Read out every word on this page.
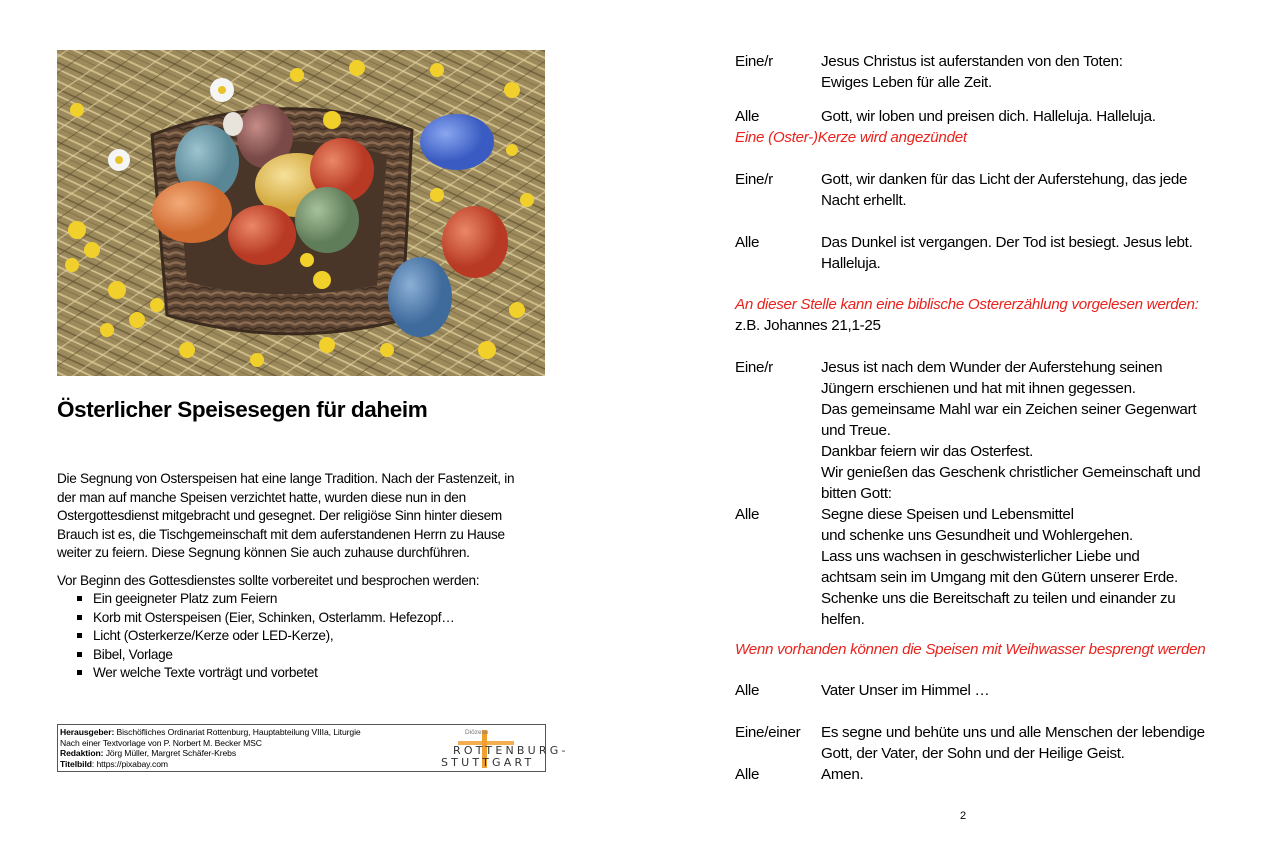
Österlicher Speisesegen für daheim

Die Segnung von Osterspeisen hat eine lange Tradition. Nach der Fastenzeit, in
der man auf manche Speisen verzichtet hatte, wurden diese nun in den
Ostergottesdienst mitgebracht und gesegnet. Der religiöse Sinn hinter diesem
Brauch ist es, die Tischgemeinschaft mit dem auferstandenen Herrn zu Hause
weiter zu feiern. Diese Segnung können Sie auch zuhause durchführen.

Vor Beginn des Gottesdienstes sollte vorbereitet und besprochen werden:

Ein geeigneter Platz zum Feiern
Korb mit Osterspeisen (Eier, Schinken, Osterlamm. Hefezopf…
Licht (Osterkerze/Kerze oder LED-Kerze),
Bibel, Vorlage
Wer welche Texte vorträgt und vorbetet
Herausgeber: Bischöfliches Ordinariat Rottenburg, Hauptabteilung VIIIa, Liturgie
Nach einer Textvorlage von P. Norbert M. Becker MSC
Redaktion: Jörg Müller, Margret Schäfer-Krebs
Titelbild: https://pixabay.com
Diözese
ROTTENBURG-
STUTTGART
Eine/r	Jesus Christus ist auferstanden von den Toten:
Ewiges Leben für alle Zeit.
Alle	Gott, wir loben und preisen dich. Halleluja. Halleluja.
Eine (Oster-)Kerze wird angezündet
Eine/r	Gott, wir danken für das Licht der Auferstehung, das jede
Nacht erhellt.
Alle	Das Dunkel ist vergangen. Der Tod ist besiegt. Jesus lebt.
Halleluja.
An dieser Stelle kann eine biblische Ostererzählung vorgelesen werden:
z.B. Johannes 21,1-25
Eine/r	Jesus ist nach dem Wunder der Auferstehung seinen
Jüngern erschienen und hat mit ihnen gegessen.
Das gemeinsame Mahl war ein Zeichen seiner Gegenwart
und Treue.
Dankbar feiern wir das Osterfest.
Wir genießen das Geschenk christlicher Gemeinschaft und
bitten Gott:
Alle	Segne diese Speisen und Lebensmittel
und schenke uns Gesundheit und Wohlergehen.
Lass uns wachsen in geschwisterlicher Liebe und
achtsam sein im Umgang mit den Gütern unserer Erde.
Schenke uns die Bereitschaft zu teilen und einander zu
helfen.
Wenn vorhanden können die Speisen mit Weihwasser besprengt werden
Alle	Vater Unser im Himmel …
Eine/einer Es segne und behüte uns und alle Menschen der lebendige
Gott, der Vater, der Sohn und der Heilige Geist.
Alle	Amen.
2
